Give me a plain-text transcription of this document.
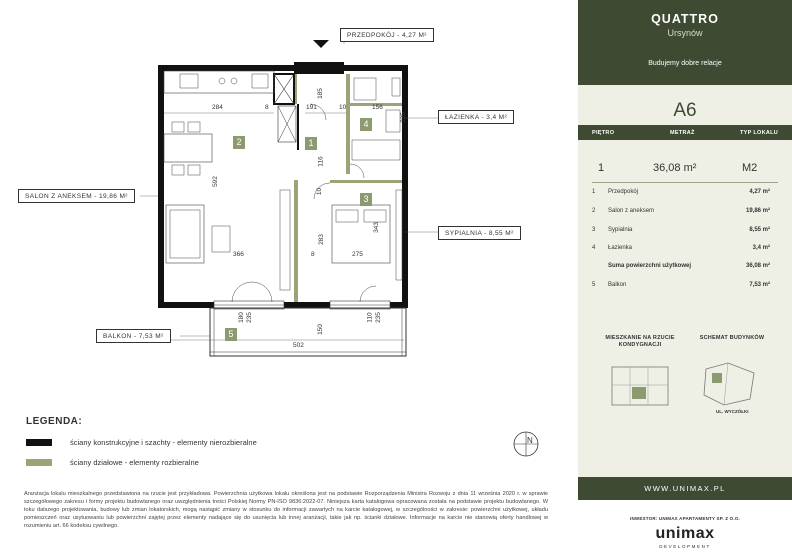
PRZEDPOKÓJ - 4,27 M²
ŁAZIENKA - 3,4 M²
SALON Z ANEKSEM - 19,86 M²
SYPIALNIA - 8,55 M²
BALKON - 7,53 M²
1
2
3
4
5
284	8	191
185
10	156
235
592
116
10
283
343
8
366	275
180 235
150
502
110 235
LEGENDA:
ściany konstrukcyjne i szachty - elementy nierozbieralne
ściany działowe - elementy rozbieralne
N
Aranżacja lokalu mieszkalnego przedstawiona na rzucie jest przykładowa. Powierzchnia użytkowa lokalu określona jest na podstawie Rozporządzenia Ministra Rozwoju z dnia 11 września 2020 r. w sprawie szczegółowego zakresu i formy projektu budowlanego oraz uwzględnienia treści Polskiej Normy PN-ISO 9836:2022-07. Niniejsza karta katalogowa opracowana została na podstawie projektu budowlanego. W toku dalszego projektowania, budowy lub zmian lokatorskich, mogą nastąpić zmiany w stosunku do informacji zawartych na karcie katalogowej, w szczególności w zakresie: powierzchni użytkowej, układu pomieszczeń oraz usytuowaniu lub powierzchni zajętej przez elementy nadające się do usunięcia lub innej aranżacji, takie jak np. ścianki działowe. Informacje na karcie nie stanowią oferty handlowej w rozumieniu art. 66 kodeksu cywilnego.
QUATTRO
Ursynów
Budujemy dobre relacje
A6
PIĘTRO	METRAŻ	TYP LOKALU
1	36,08 m²	M2
1 Przedpokój	4,27 m²
2 Salon z aneksem	19,86 m²
3 Sypialnia	8,55 m²
4 Łazienka	3,4 m²
Suma powierzchni użytkowej	36,08 m²
5 Balkon	7,53 m²
MIESZKANIE NA RZUCIE KONDYGNACJI
SCHEMAT BUDYNKÓW
UL. WYCZÓŁKI
WWW.UNIMAX.PL
INWESTOR: UNIMAX APARTAMENTY SP. Z O.O.
unimax
DEVELOPMENT
